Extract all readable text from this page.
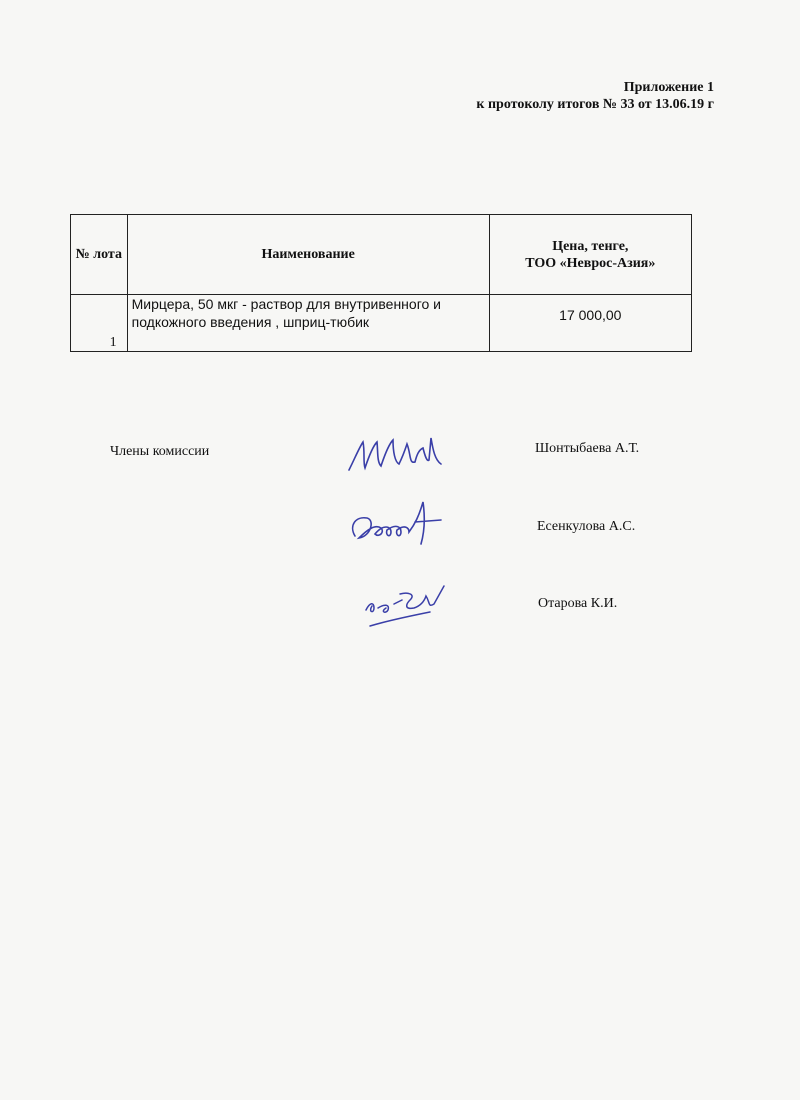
Приложение 1
к протоколу итогов № 33 от 13.06.19 г
№ лота	Наименование	Цена, тенге,
ТОО «Неврос-Азия»

1	Мирцера, 50 мкг - раствор для внутривенного и подкожного введения , шприц-тюбик	17 000,00
Члены комиссии	Шонтыбаева А.Т.
Есенкулова А.С.
Отарова К.И.
